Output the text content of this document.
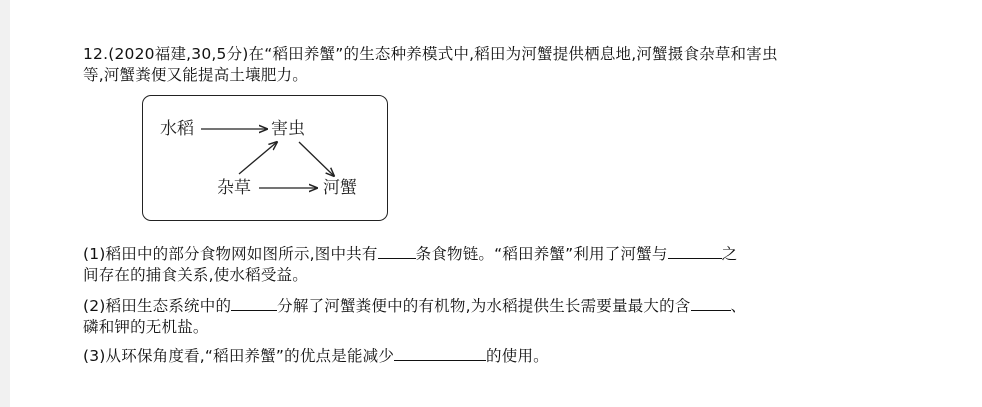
12.(2020福建,30,5分)在“稻田养蟹”的生态种养模式中,稻田为河蟹提供栖息地,河蟹摄食杂草和害虫

等,河蟹粪便又能提高土壤肥力。

水稻	害虫
杂草	河蟹
(1)稻田中的部分食物网如图所示,图中共有 条食物链。“稻田养蟹”利用了河蟹与	之
间存在的捕食关系,使水稻受益。
(2)稻田生态系统中的	分解了河蟹粪便中的有机物,为水稻提供生长需要量最大的含	、
磷和钾的无机盐。
(3)从环保角度看,“稻田养蟹”的优点是能减少	的使用。
